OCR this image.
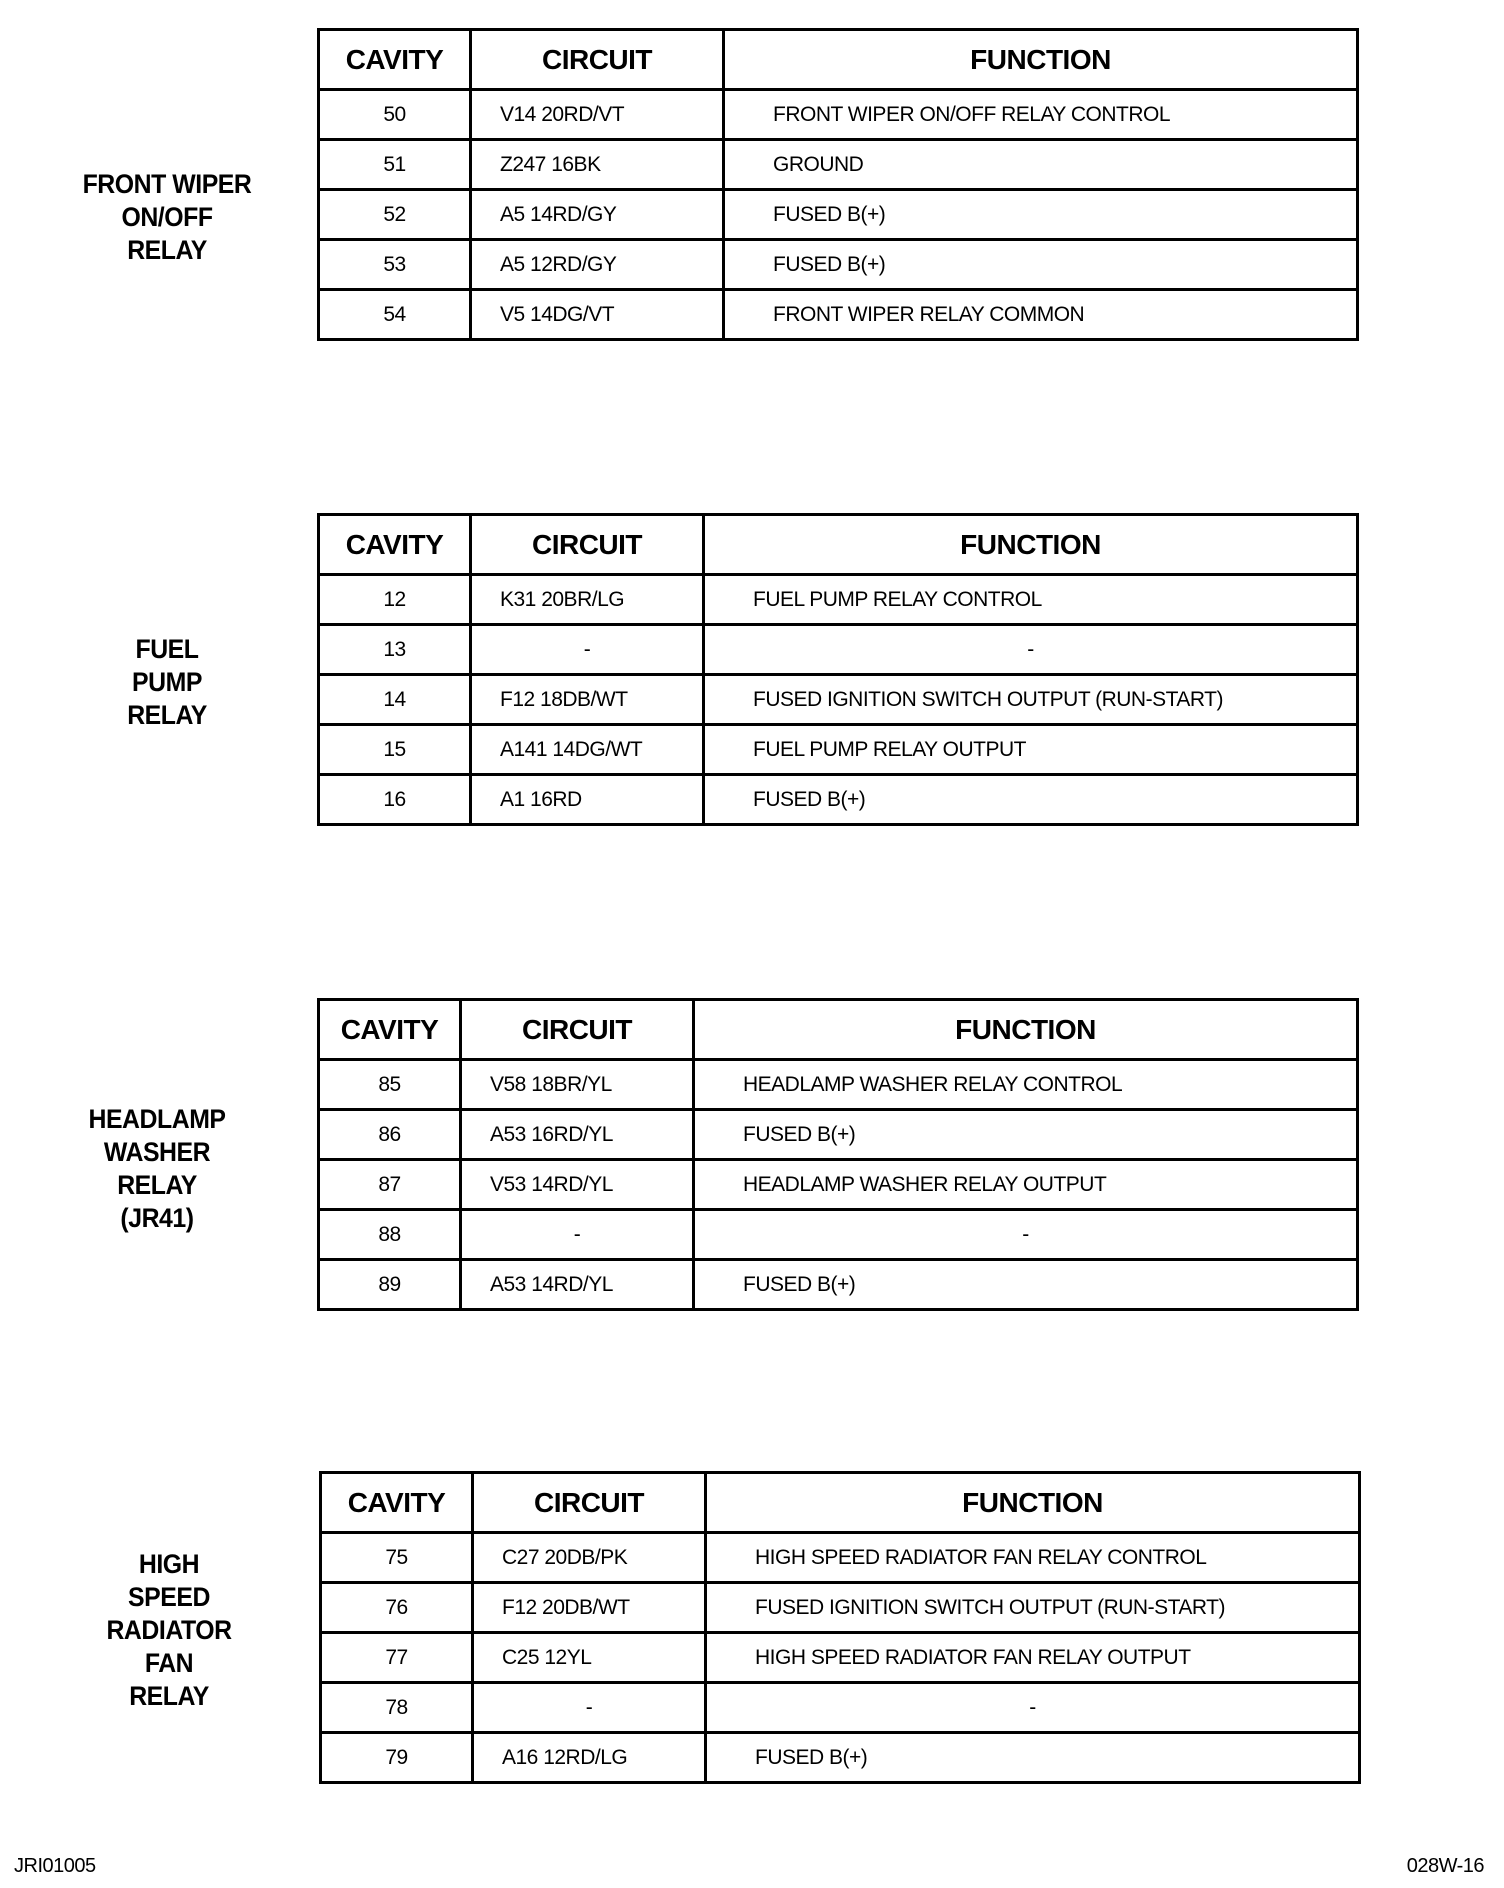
FRONT WIPER
ON/OFF
RELAY
CAVITY	CIRCUIT	FUNCTION
50	V14 20RD/VT	FRONT WIPER ON/OFF RELAY CONTROL
51	Z247 16BK	GROUND
52	A5 14RD/GY	FUSED B(+)
53	A5 12RD/GY	FUSED B(+)
54	V5 14DG/VT	FRONT WIPER RELAY COMMON
FUEL
PUMP
RELAY
CAVITY	CIRCUIT	FUNCTION
12	K31 20BR/LG	FUEL PUMP RELAY CONTROL
13	-	-
14	F12 18DB/WT	FUSED IGNITION SWITCH OUTPUT (RUN-START)
15	A141 14DG/WT	FUEL PUMP RELAY OUTPUT
16	A1 16RD	FUSED B(+)
HEADLAMP
WASHER
RELAY
(JR41)
CAVITY	CIRCUIT	FUNCTION
85	V58 18BR/YL	HEADLAMP WASHER RELAY CONTROL
86	A53 16RD/YL	FUSED B(+)
87	V53 14RD/YL	HEADLAMP WASHER RELAY OUTPUT
88	-	-
89	A53 14RD/YL	FUSED B(+)
HIGH
SPEED
RADIATOR
FAN
RELAY
CAVITY	CIRCUIT	FUNCTION
75	C27 20DB/PK	HIGH SPEED RADIATOR FAN RELAY CONTROL
76	F12 20DB/WT	FUSED IGNITION SWITCH OUTPUT (RUN-START)
77	C25 12YL	HIGH SPEED RADIATOR FAN RELAY OUTPUT
78	-	-
79	A16 12RD/LG	FUSED B(+)
JRI01005	028W-16
